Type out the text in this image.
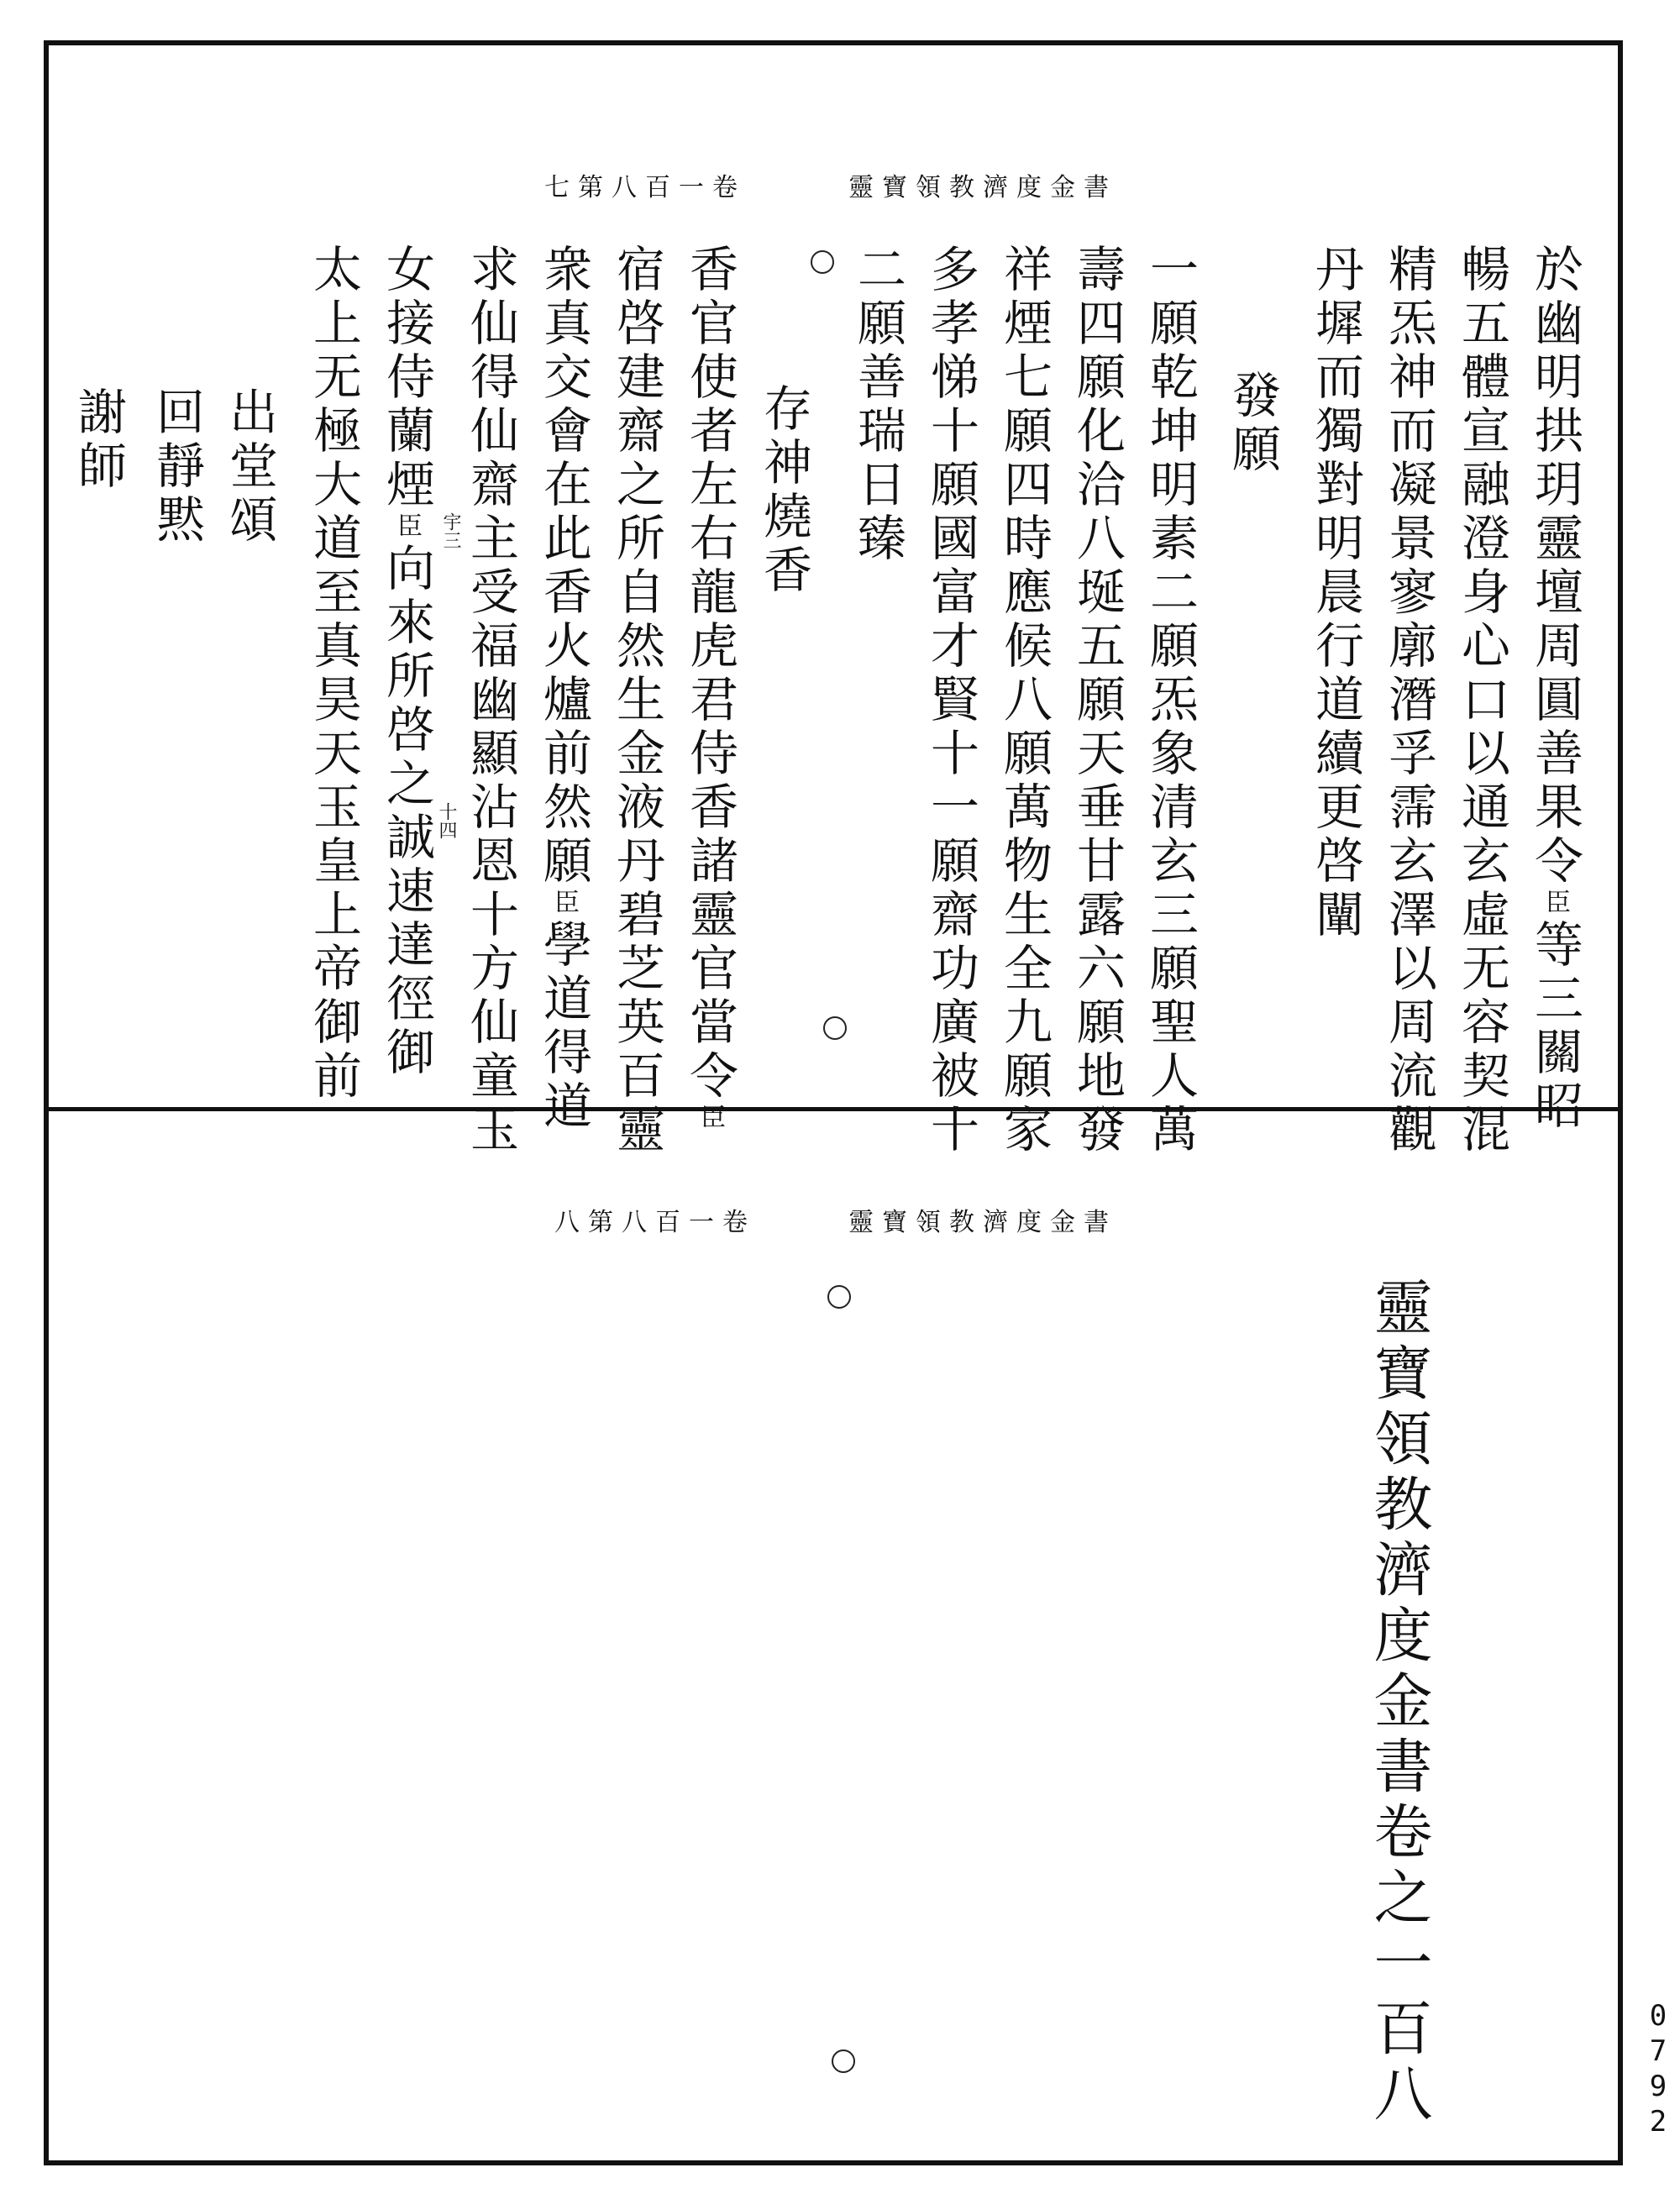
靈寶領教濟度金書
七第八百一卷
於幽明拱玥靈壇周圓善果令臣等三關昭
暢五體宣融澄身心口以通玄虛无容契混
精炁神而凝景寥廓潛孚霈玄澤以周流觀
丹墀而獨對明晨行道續更啓闡
發願
一願乾坤明素二願炁象清玄三願聖人萬
壽四願化洽八埏五願天垂甘露六願地發
祥煙七願四時應候八願萬物生全九願家
多孝悌十願國富才賢十一願齋功廣被十
二願善瑞日臻
存神燒香
香官使者左右龍虎君侍香諸靈官當令臣
宿啓建齋之所自然生金液丹碧芝英百靈
衆真交會在此香火爐前然願臣學道得道
宇三 求仙得仙齋主受福幽顯沾恩十方仙童玉
十四
女接侍蘭煙臣向來所啓之誠速達徑御
太上无極大道至真昊天玉皇上帝御前
出堂頌
回靜黙
謝師
靈寶領教濟度金書
八第八百一卷
靈寶領教濟度金書卷之一百八	0792
